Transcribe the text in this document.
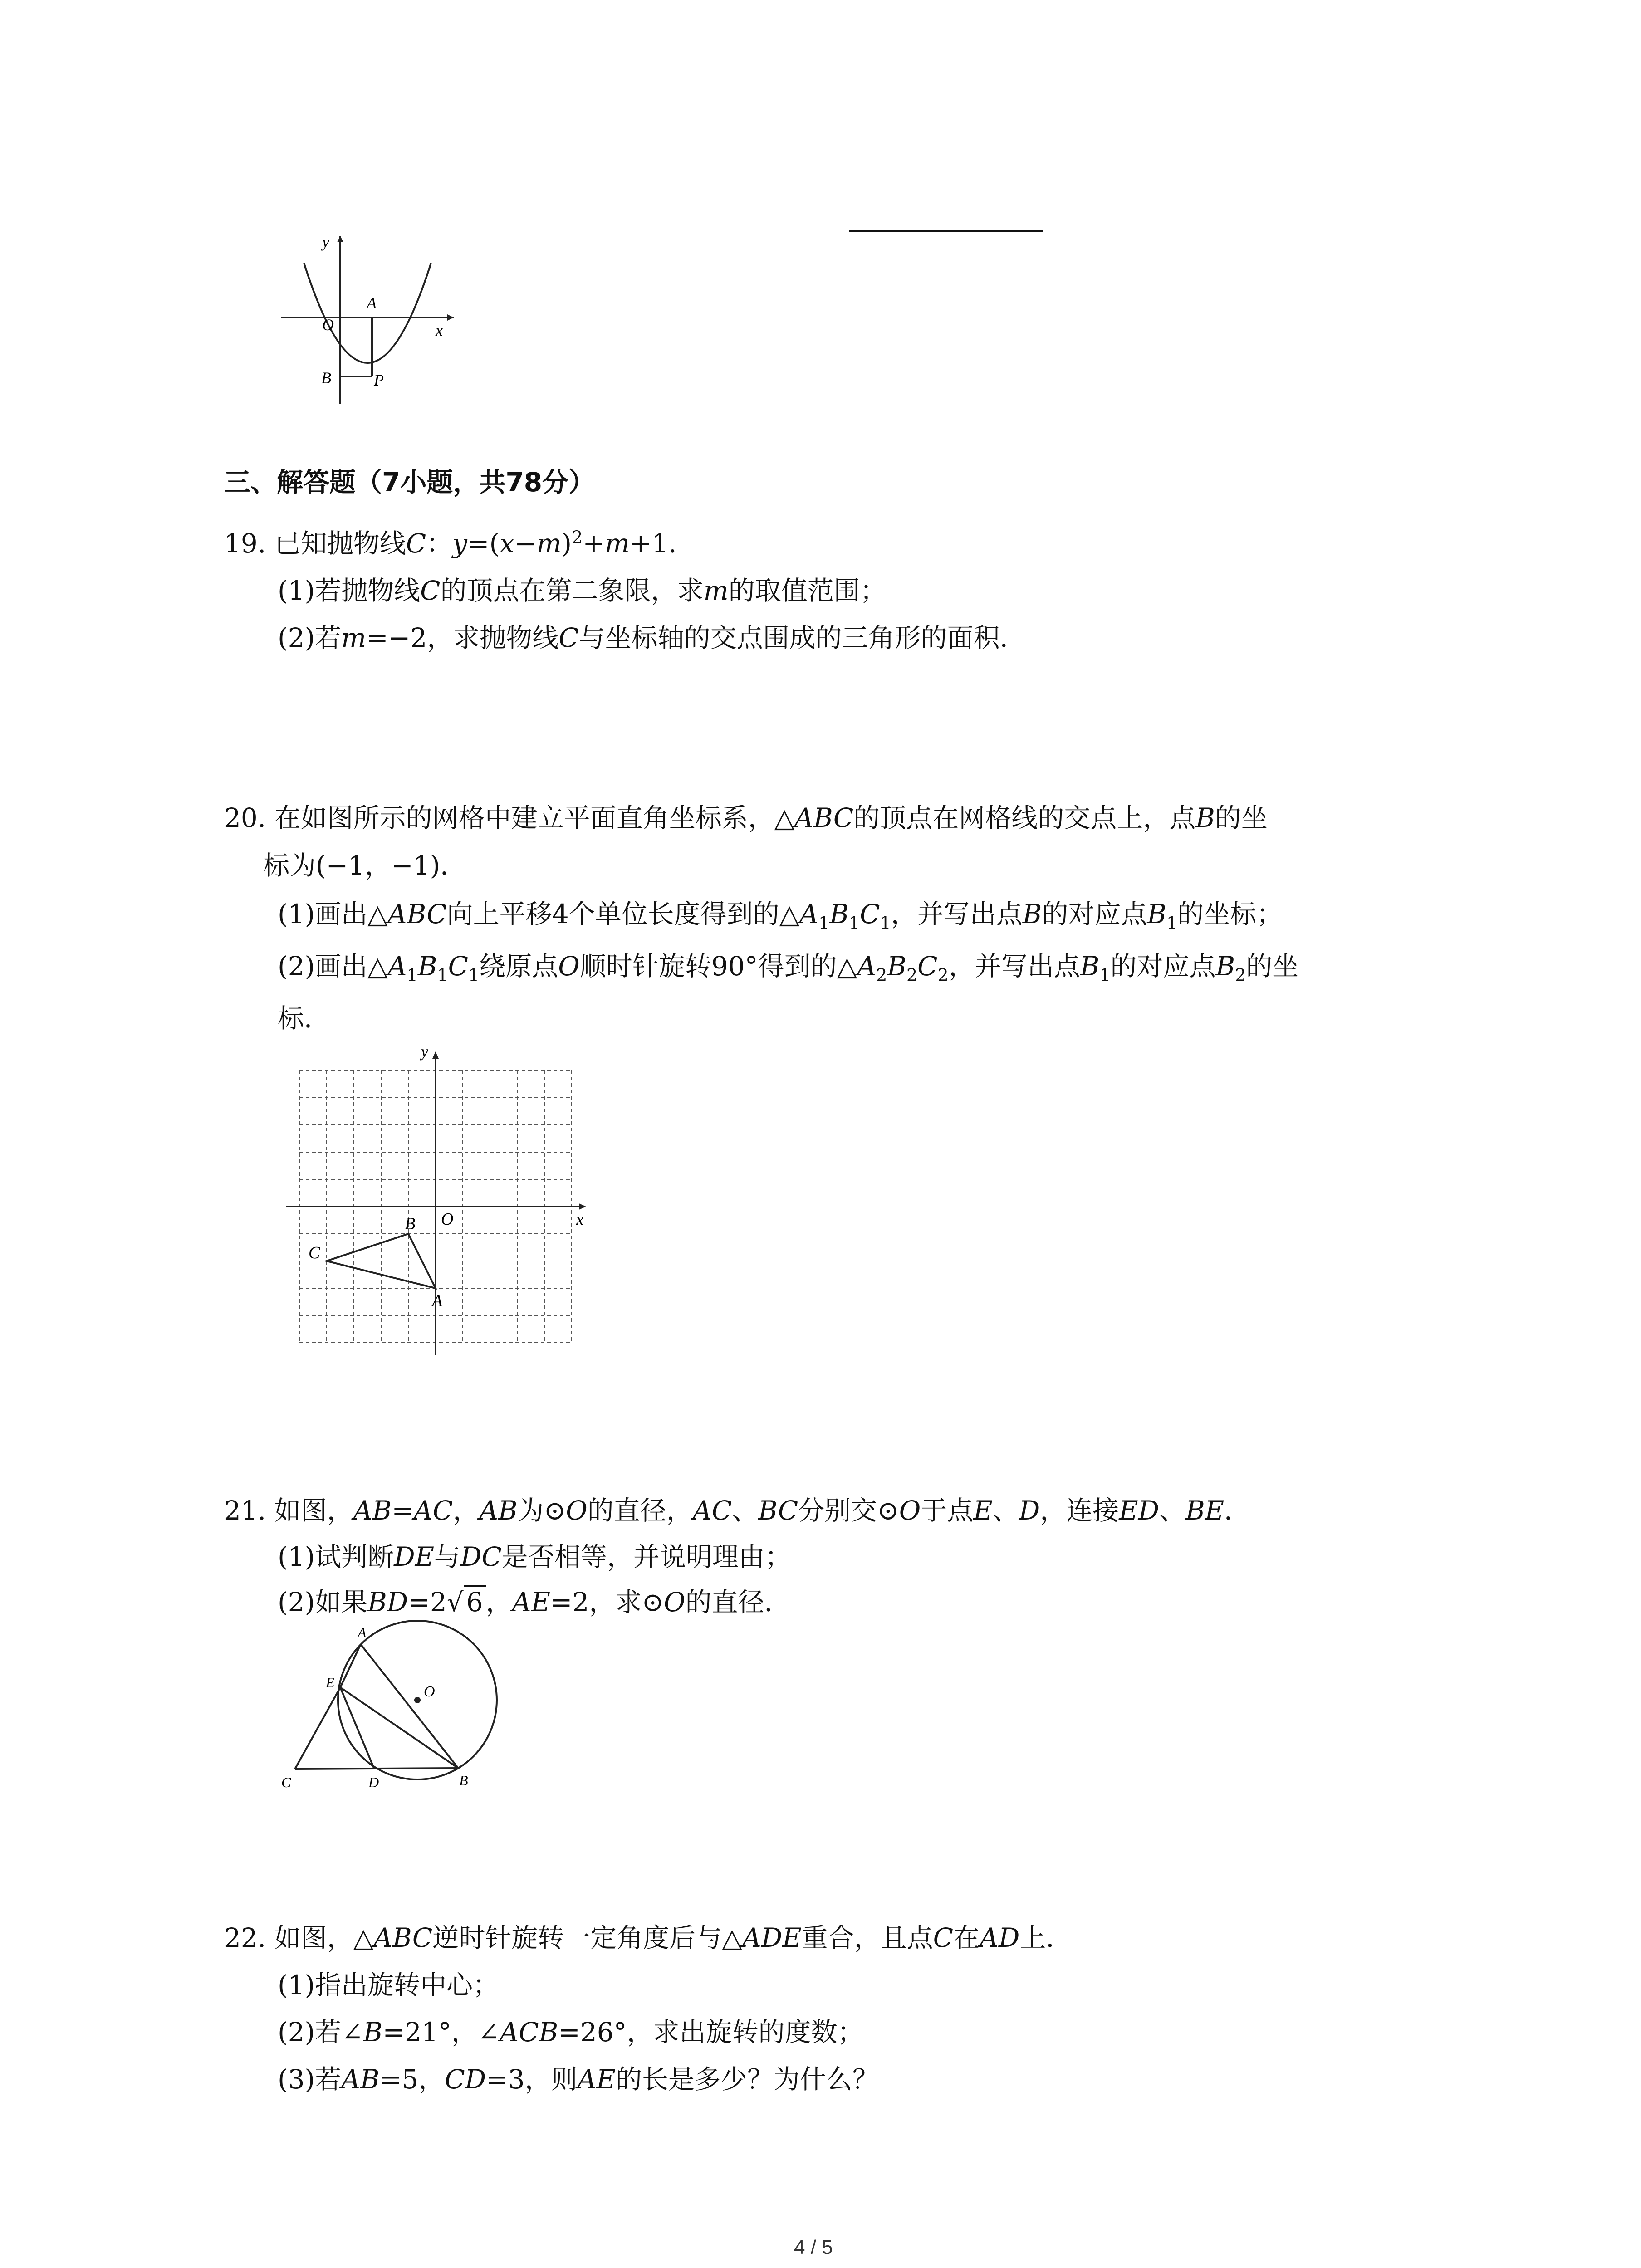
y
x
O
A
B	P
三、解答题（7小题，共78分）
19. 已知抛物线C：$y=(x-m)^2+m+1$．
(1)若抛物线C的顶点在第二象限，求m的取值范围；
(2)若m=−2，求抛物线C与坐标轴的交点围成的三角形的面积．
20. 在如图所示的网格中建立平面直角坐标系，△ABC的顶点在网格线的交点上，点B的坐
标为(−1，−1)．
(1)画出△ABC向上平移4个单位长度得到的$\triangle A_1B_1C_1$，并写出点B的对应点$B_1$的坐标；
(2)画出$\triangle A_1B_1C_1$绕原点O顺时针旋转90°得到的$\triangle A_2B_2C_2$，并写出点$B_1$的对应点$B_2$的坐
标．
y
x
O
B
C
A
21. 如图，AB=AC，AB为⊙O的直径，AC、BC分别交⊙O于点E、D，连接ED、BE．
(1)试判断DE与DC是否相等，并说明理由；
(2)如果BD=2√ 6 ，AE=2，求⊙O的直径．
A
E
O
C	D	B
22. 如图，△ABC逆时针旋转一定角度后与△ADE重合，且点C在AD上．
(1)指出旋转中心；
(2)若∠B=21°，∠ACB=26°，求出旋转的度数；
(3)若AB=5，CD=3，则AE的长是多少？为什么？
4 / 5
